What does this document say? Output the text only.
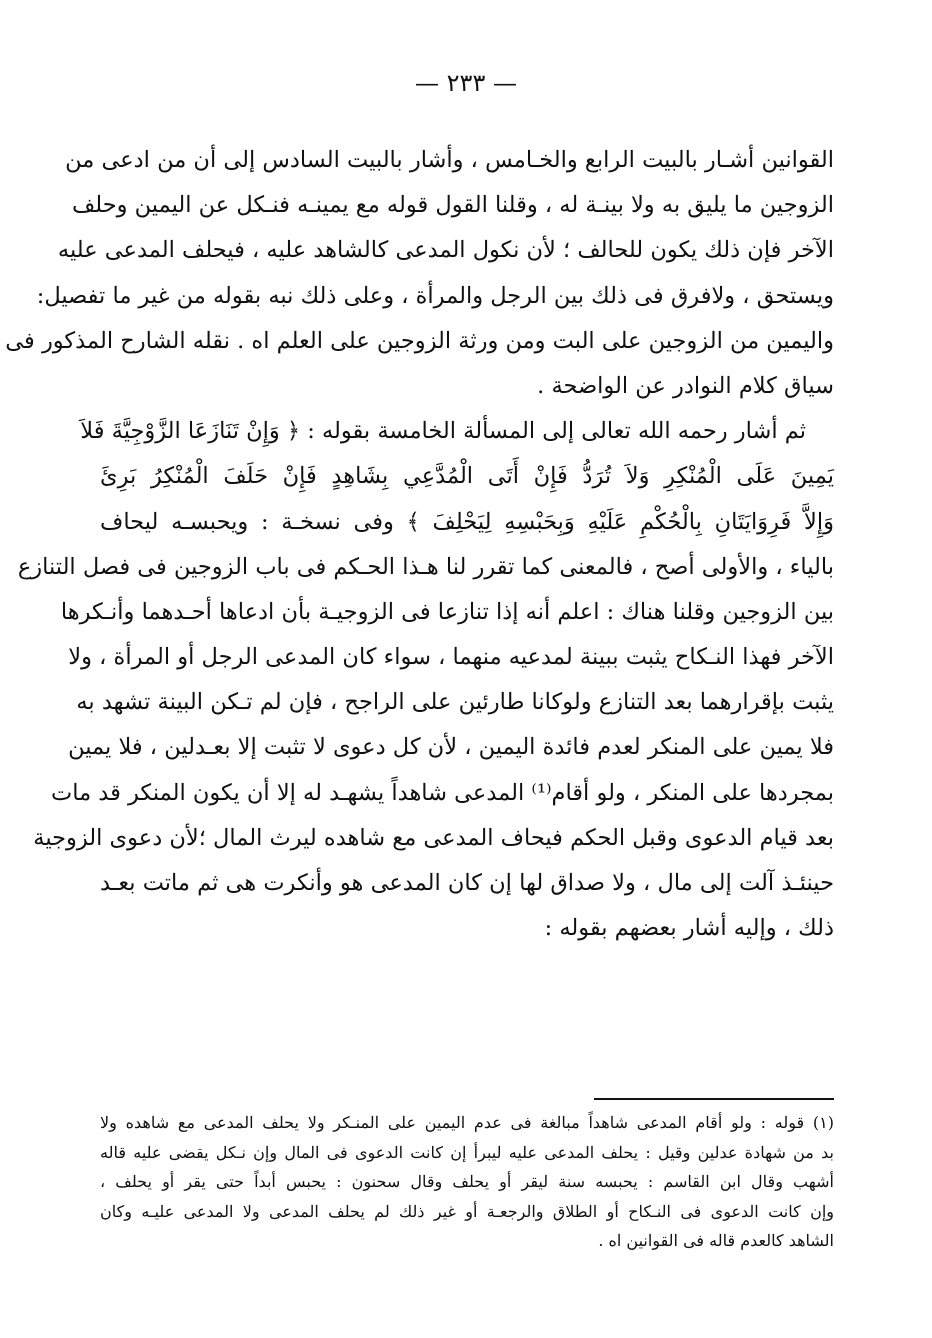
— ٢٣٣ —
القوانين أشـار بالبيت الرابع والخـامس ، وأشار بالبيت السادس إلى أن من ادعى من
الزوجين ما يليق به ولا بينـة له ، وقلنا القول قوله مع يمينـه فنـكل عن اليمين وحلف
الآخر فإن ذلك يكون للحالف ؛ لأن نكول المدعى كالشاهد عليه ، فيحلف المدعى عليه
ويستحق ، ولافرق فى ذلك بين الرجل والمرأة ، وعلى ذلك نبه بقوله من غير ما تفصيل:
واليمين من الزوجين على البت ومن ورثة الزوجين على العلم اه . نقله الشارح المذكور فى
سياق كلام النوادر عن الواضحة .
ثم أشار رحمه الله تعالى إلى المسألة الخامسة بقوله : ﴿ وَإِنْ تَنَازَعَا الزَّوْجِيَّةَ فَلاَ
يَمِينَ عَلَى الْمُنْكِرِ وَلاَ تُرَدُّ فَإِنْ أَتَى الْمُدَّعِي بِشَاهِدٍ فَإِنْ حَلَفَ الْمُنْكِرُ بَرِئَ
وَإِلاَّ فَرِوَايَتَانِ بِالْحُكْمِ عَلَيْهِ وَبِحَبْسِهِ لِيَحْلِفَ ﴾ وفى نسخـة : ويحبسـه ليحاف
بالياء ، والأولى أصح ، فالمعنى كما تقرر لنا هـذا الحـكم فى باب الزوجين فى فصل التنازع
بين الزوجين وقلنا هناك : اعلم أنه إذا تنازعا فى الزوجيـة بأن ادعاها أحـدهما وأنـكرها
الآخر فهذا النـكاح يثبت ببينة لمدعيه منهما ، سواء كان المدعى الرجل أو المرأة ، ولا
يثبت بإقرارهما بعد التنازع ولوكانا طارئين على الراجح ، فإن لم تـكن البينة تشهد به
فلا يمين على المنكر لعدم فائدة اليمين ، لأن كل دعوى لا تثبت إلا بعـدلين ، فلا يمين
بمجردها على المنكر ، ولو أقام⁽¹⁾ المدعى شاهداً يشهـد له إلا أن يكون المنكر قد مات
بعد قيام الدعوى وقبل الحكم فيحاف المدعى مع شاهده ليرث المال ؛لأن دعوى الزوجية
حينئـذ آلت إلى مال ، ولا صداق لها إن كان المدعى هو وأنكرت هى ثم ماتت بعـد
ذلك ، وإليه أشار بعضهم بقوله :
(١) قوله : ولو أقام المدعى شاهداً مبالغة فى عدم اليمين على المنـكر ولا يحلف المدعى مع شاهده ولا
بد من شهادة عدلين وقيل : يحلف المدعى عليه ليبرأ إن كانت الدعوى فى المال وإن نـكل يقضى عليه قاله
أشهب وقال ابن القاسم : يحبسه سنة ليقر أو يحلف وقال سحنون : يحبس أبداً حتى يقر أو يحلف ،
وإن كانت الدعوى فى النـكاح أو الطلاق والرجعـة أو غير ذلك لم يحلف المدعى ولا المدعى عليـه وكان
الشاهد كالعدم قاله فى القوانين اه .
